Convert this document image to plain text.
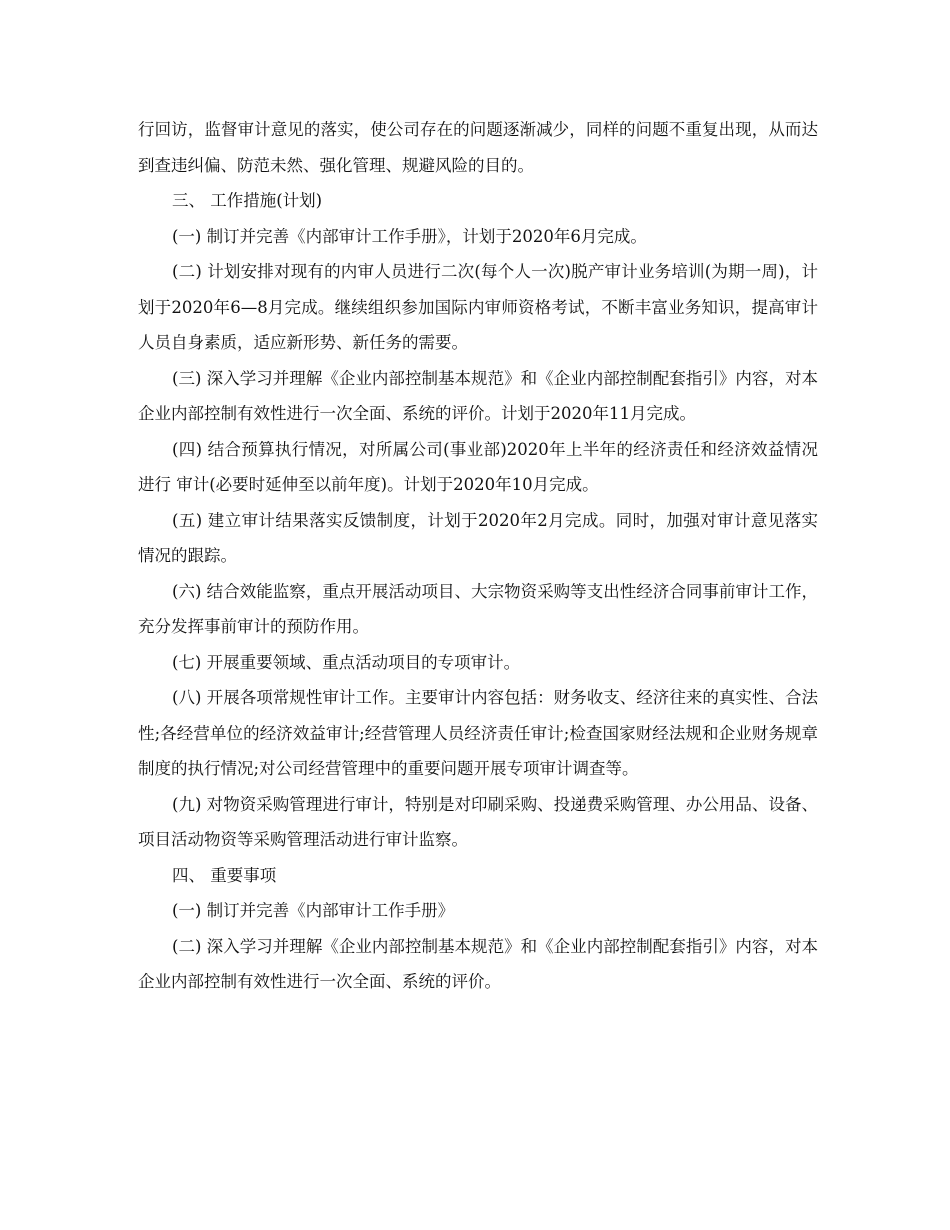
行回访，监督审计意见的落实，使公司存在的问题逐渐减少，同样的问题不重复出现，从而达到查违纠偏、防范未然、强化管理、规避风险的目的。

三、 工作措施(计划)

(一) 制订并完善《内部审计工作手册》，计划于2020年6月完成。

(二) 计划安排对现有的内审人员进行二次(每个人一次)脱产审计业务培训(为期一周)，计划于2020年6—8月完成。继续组织参加国际内审师资格考试，不断丰富业务知识，提高审计人员自身素质，适应新形势、新任务的需要。

(三) 深入学习并理解《企业内部控制基本规范》和《企业内部控制配套指引》内容，对本企业内部控制有效性进行一次全面、系统的评价。计划于2020年11月完成。

(四) 结合预算执行情况，对所属公司(事业部)2020年上半年的经济责任和经济效益情况进行 审计(必要时延伸至以前年度)。计划于2020年10月完成。

(五) 建立审计结果落实反馈制度，计划于2020年2月完成。同时，加强对审计意见落实情况的跟踪。

(六) 结合效能监察，重点开展活动项目、大宗物资采购等支出性经济合同事前审计工作，充分发挥事前审计的预防作用。

(七) 开展重要领域、重点活动项目的专项审计。

(八) 开展各项常规性审计工作。主要审计内容包括：财务收支、经济往来的真实性、合法性;各经营单位的经济效益审计;经营管理人员经济责任审计;检查国家财经法规和企业财务规章制度的执行情况;对公司经营管理中的重要问题开展专项审计调查等。

(九) 对物资采购管理进行审计，特别是对印刷采购、投递费采购管理、办公用品、设备、项目活动物资等采购管理活动进行审计监察。

四、 重要事项

(一) 制订并完善《内部审计工作手册》

(二) 深入学习并理解《企业内部控制基本规范》和《企业内部控制配套指引》内容，对本企业内部控制有效性进行一次全面、系统的评价。
